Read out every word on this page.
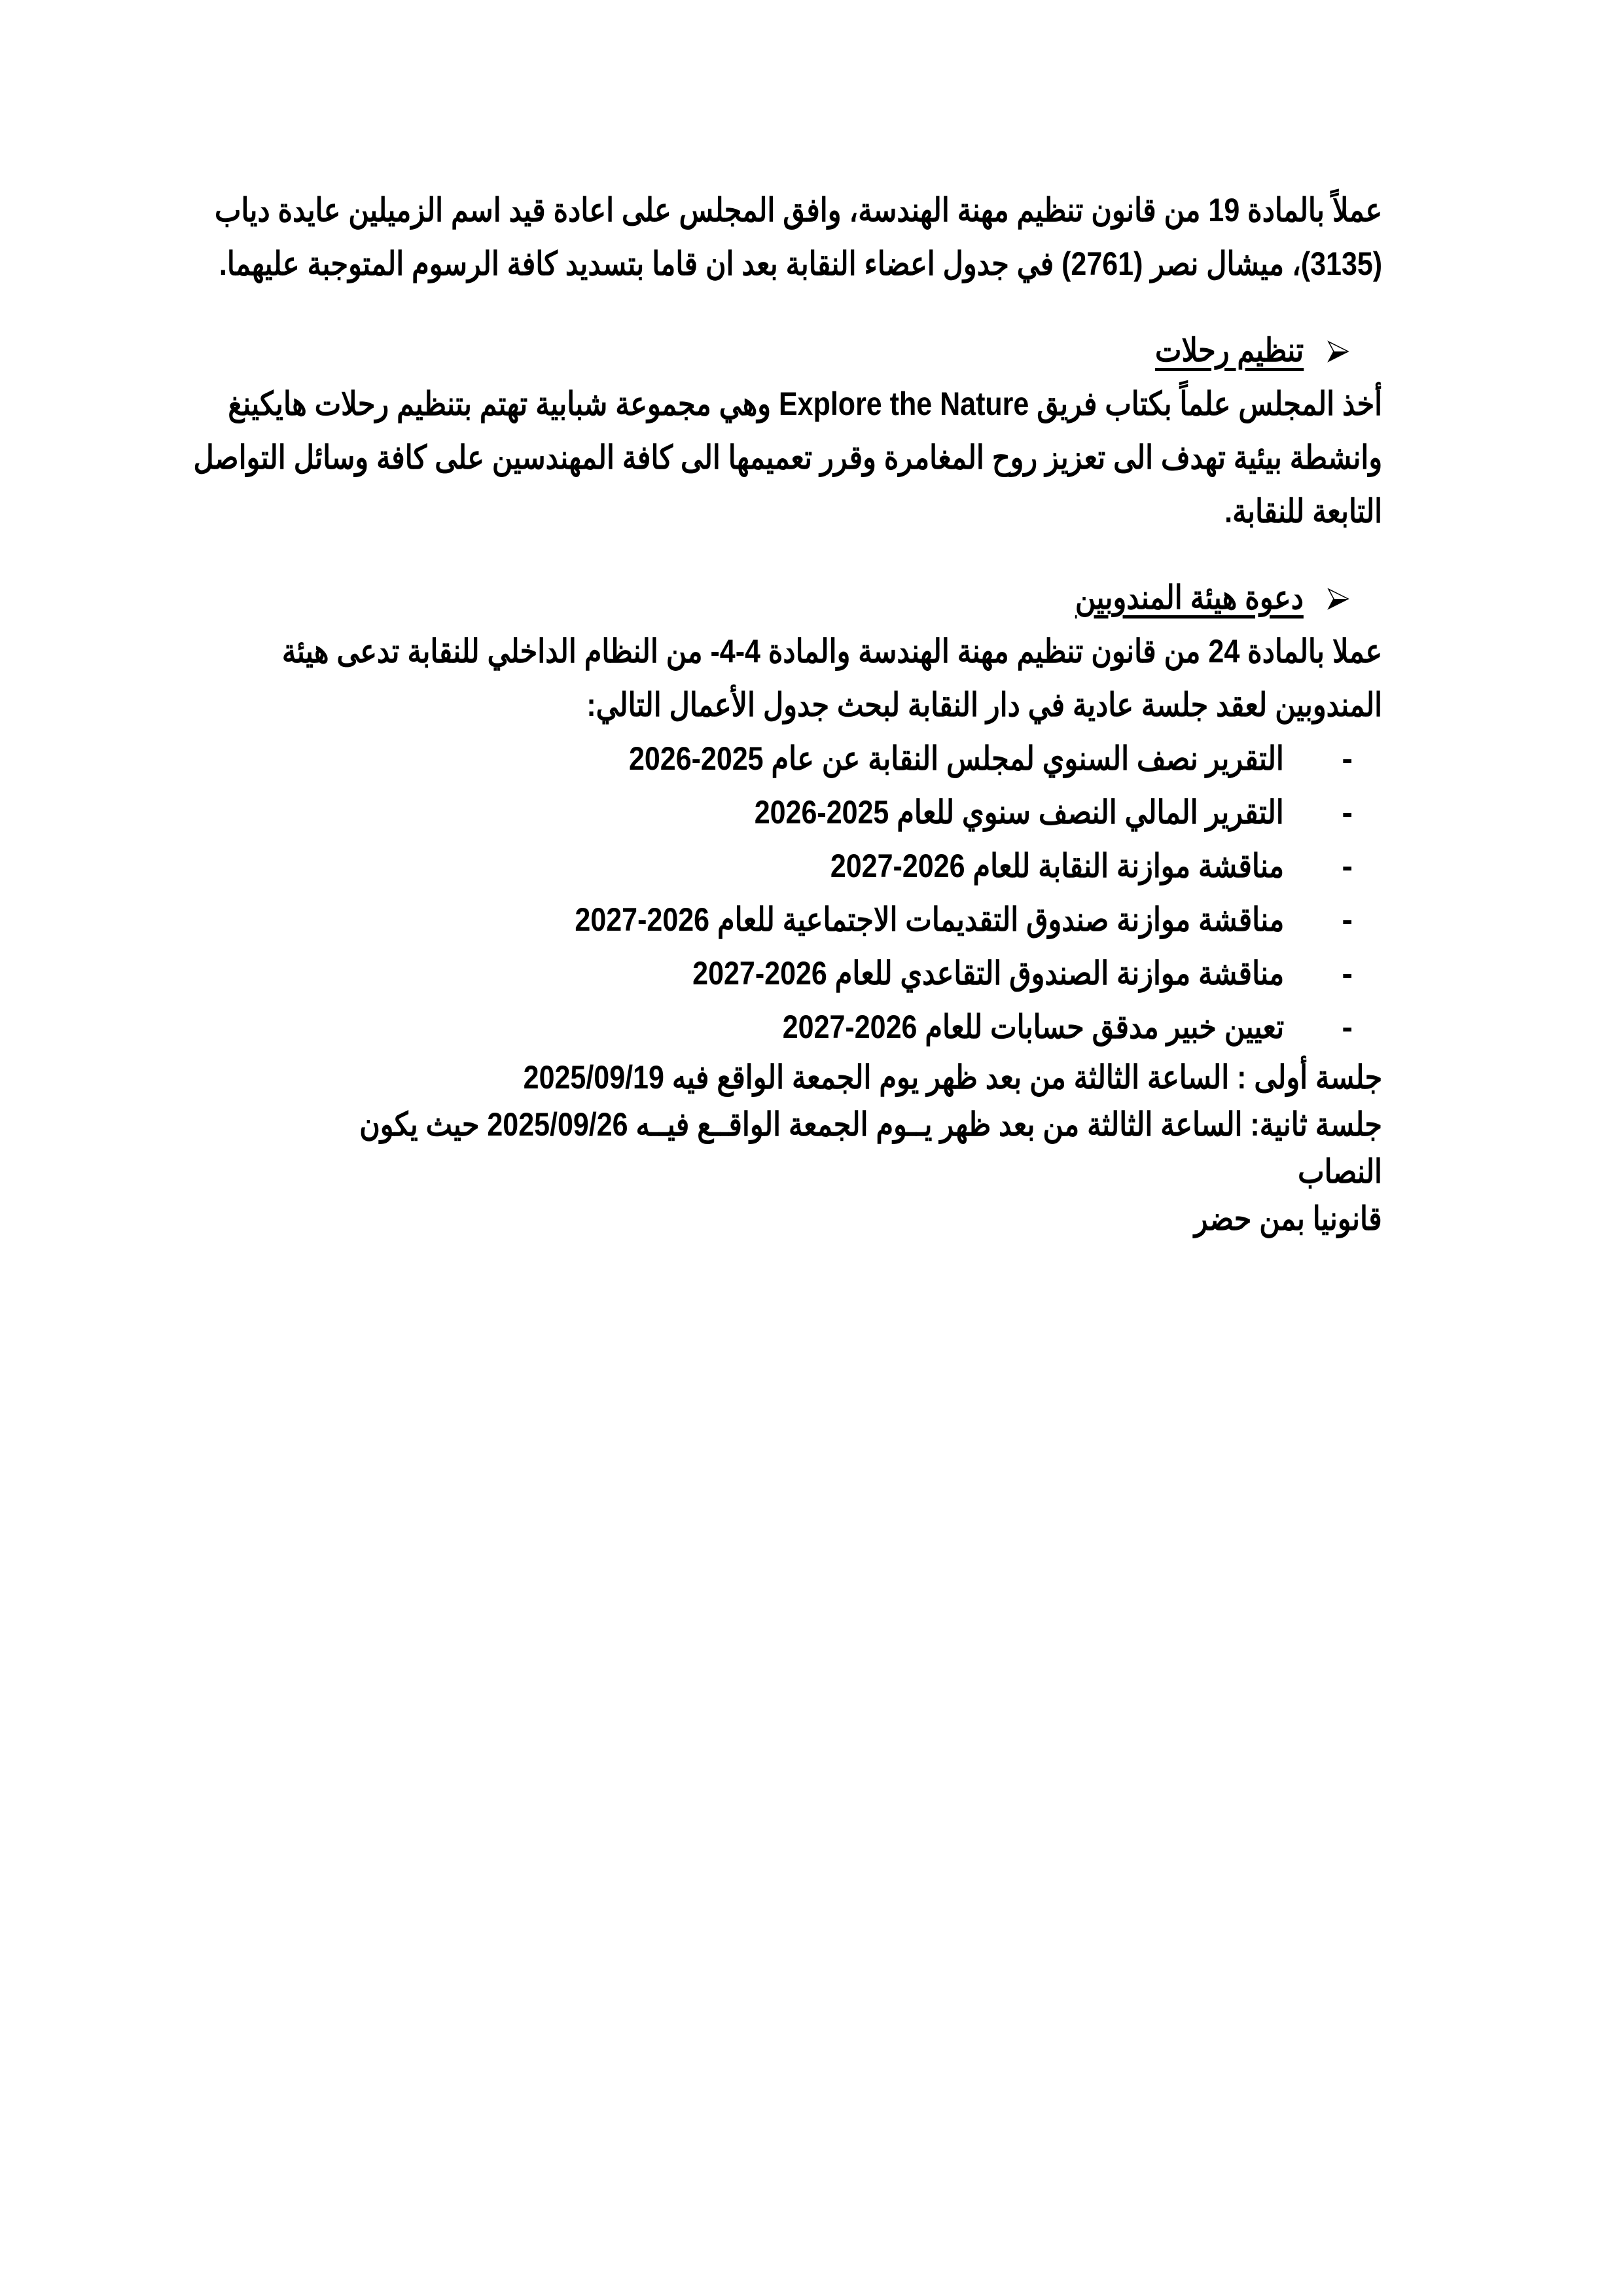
عملاً بالمادة 19 من قانون تنظيم مهنة الهندسة، وافق المجلس على اعادة قيد اسم الزميلين عايدة دياب
(3135)، ميشال نصر (2761) في جدول اعضاء النقابة بعد ان قاما بتسديد كافة الرسوم المتوجبة عليهما.
تنظيم رحلات
أخذ المجلس علماً بكتاب فريق Explore the Nature وهي مجموعة شبابية تهتم بتنظيم رحلات هايكينغ
وانشطة بيئية تهدف الى تعزيز روح المغامرة وقرر تعميمها الى كافة المهندسين على كافة وسائل التواصل
التابعة للنقابة.
دعوة هيئة المندوبين
عملا بالمادة 24 من قانون تنظيم مهنة الهندسة والمادة 4-4- من النظام الداخلي للنقابة تدعى هيئة
المندوبين لعقد جلسة عادية في دار النقابة لبحث جدول الأعمال التالي:
-
التقرير نصف السنوي لمجلس النقابة عن عام 2025-2026
-
التقرير المالي النصف سنوي للعام 2025-2026
-
مناقشة موازنة النقابة للعام 2026-2027
-
مناقشة موازنة صندوق التقديمات الاجتماعية للعام 2026-2027
-
مناقشة موازنة الصندوق التقاعدي للعام 2026-2027
-
تعيين خبير مدقق حسابات للعام 2026-2027
جلسة أولى : الساعة الثالثة من بعد ظهر يوم الجمعة الواقع فيه 2025/09/19
جلسة ثانية: الساعة الثالثة من بعد ظهر يــوم الجمعة الواقــع فيــه 2025/09/26 حيث يكون النصاب
قانونيا بمن حضر
